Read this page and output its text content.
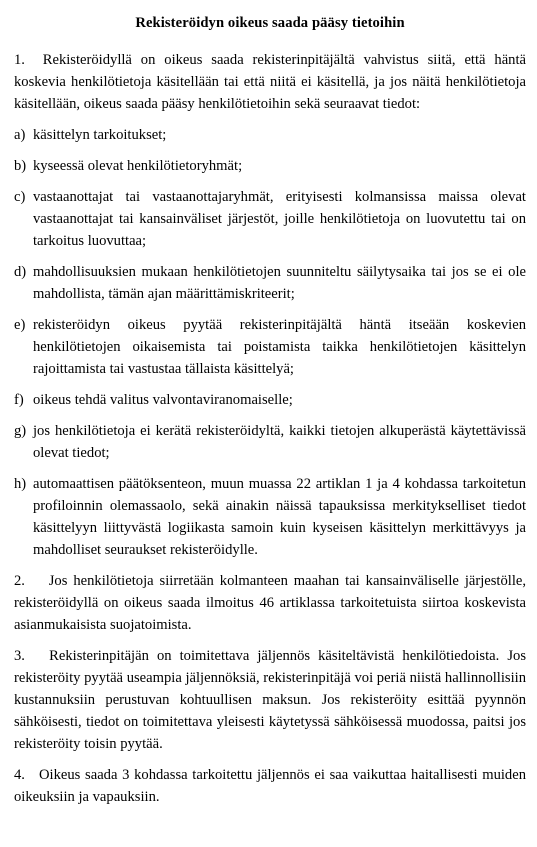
Rekisteröidyn oikeus saada pääsy tietoihin
1. Rekisteröidyllä on oikeus saada rekisterinpitäjältä vahvistus siitä, että häntä koskevia henkilötietoja käsitellään tai että niitä ei käsitellä, ja jos näitä henkilötietoja käsitellään, oikeus saada pääsy henkilötietoihin sekä seuraavat tiedot:
a) käsittelyn tarkoitukset;
b) kyseessä olevat henkilötietoryhmät;
c) vastaanottajat tai vastaanottajaryhmät, erityisesti kolmansissa maissa olevat vastaanottajat tai kansainväliset järjestöt, joille henkilötietoja on luovutettu tai on tarkoitus luovuttaa;
d) mahdollisuuksien mukaan henkilötietojen suunniteltu säilytysaika tai jos se ei ole mahdollista, tämän ajan määrittämiskriteerit;
e) rekisteröidyn oikeus pyytää rekisterinpitäjältä häntä itseään koskevien henkilötietojen oikaisemista tai poistamista taikka henkilötietojen käsittelyn rajoittamista tai vastustaa tällaista käsittelyä;
f) oikeus tehdä valitus valvontaviranomaiselle;
g) jos henkilötietoja ei kerätä rekisteröidyltä, kaikki tietojen alkuperästä käytettävissä olevat tiedot;
h) automaattisen päätöksenteon, muun muassa 22 artiklan 1 ja 4 kohdassa tarkoitetun profiloinnin olemassaolo, sekä ainakin näissä tapauksissa merkitykselliset tiedot käsittelyyn liittyvästä logiikasta samoin kuin kyseisen käsittelyn merkittävyys ja mahdolliset seuraukset rekisteröidylle.
2. Jos henkilötietoja siirretään kolmanteen maahan tai kansainväliselle järjestölle, rekisteröidyllä on oikeus saada ilmoitus 46 artiklassa tarkoitetuista siirtoa koskevista asianmukaisista suojatoimista.
3. Rekisterinpitäjän on toimitettava jäljennös käsiteltävistä henkilötiedoista. Jos rekisteröity pyytää useampia jäljennöksiä, rekisterinpitäjä voi periä niistä hallinnollisiin kustannuksiin perustuvan kohtuullisen maksun. Jos rekisteröity esittää pyynnön sähköisesti, tiedot on toimitettava yleisesti käytetyssä sähköisessä muodossa, paitsi jos rekisteröity toisin pyytää.
4. Oikeus saada 3 kohdassa tarkoitettu jäljennös ei saa vaikuttaa haitallisesti muiden oikeuksiin ja vapauksiin.
